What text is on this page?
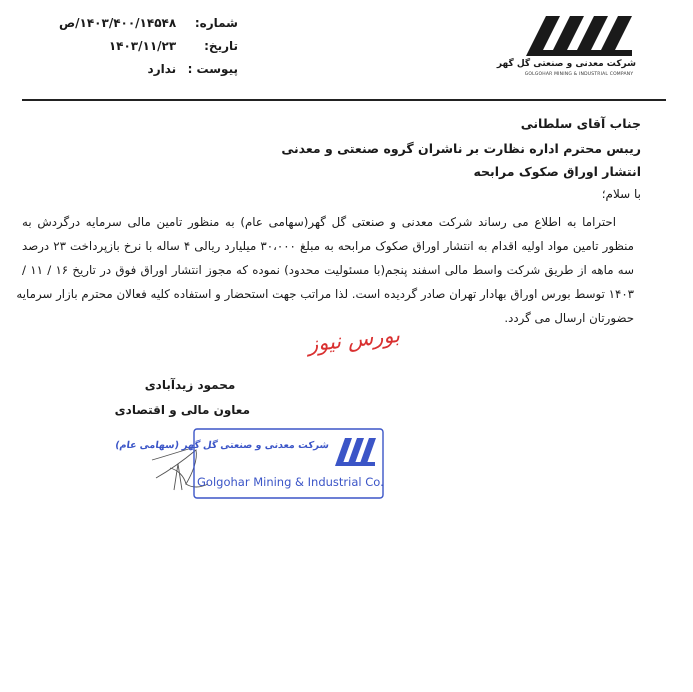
شماره: ۱۴۰۳/۴۰۰/۱۴۵۴۸/ص
تاریخ: ۱۴۰۳/۱۱/۲۳
پیوست : ندارد	شرکت معدنی و صنعتی گل گهر
GOLGOHAR MINING & INDUSTRIAL COMPANY
جناب آقای سلطانی
ریبس محترم اداره نظارت بر ناشران گروه صنعتی و معدنی
انتشار اوراق صکوک مرابحه
با سلام؛
احتراما به اطلاع می رساند شرکت معدنی و صنعتی گل گهر(سهامی عام) به منظور تامین مالی سرمایه درگردش به
منظور تامین مواد اولیه اقدام به انتشار اوراق صکوک مرابحه به مبلغ ۳۰،۰۰۰ میلیارد ریالی ۴ ساله با نرخ بازپرداخت ۲۳ درصد
سه ماهه از طریق شرکت واسط مالی اسفند پنجم(با مسئولیت محدود) نموده که مجوز انتشار اوراق فوق در تاریخ ۱۶ / ۱۱ /
۱۴۰۳ توسط بورس اوراق بهادار تهران صادر گردیده است. لذا مراتب جهت استحضار و استفاده کلیه فعالان محترم بازار سرمایه
حضورتان ارسال می گردد.
بورس نیوز
محمود زیدآبادی
معاون مالی و اقتصادی
شرکت معدنی و صنعتی گل گهر (سهامی عام)
Golgohar Mining & Industrial Co.
